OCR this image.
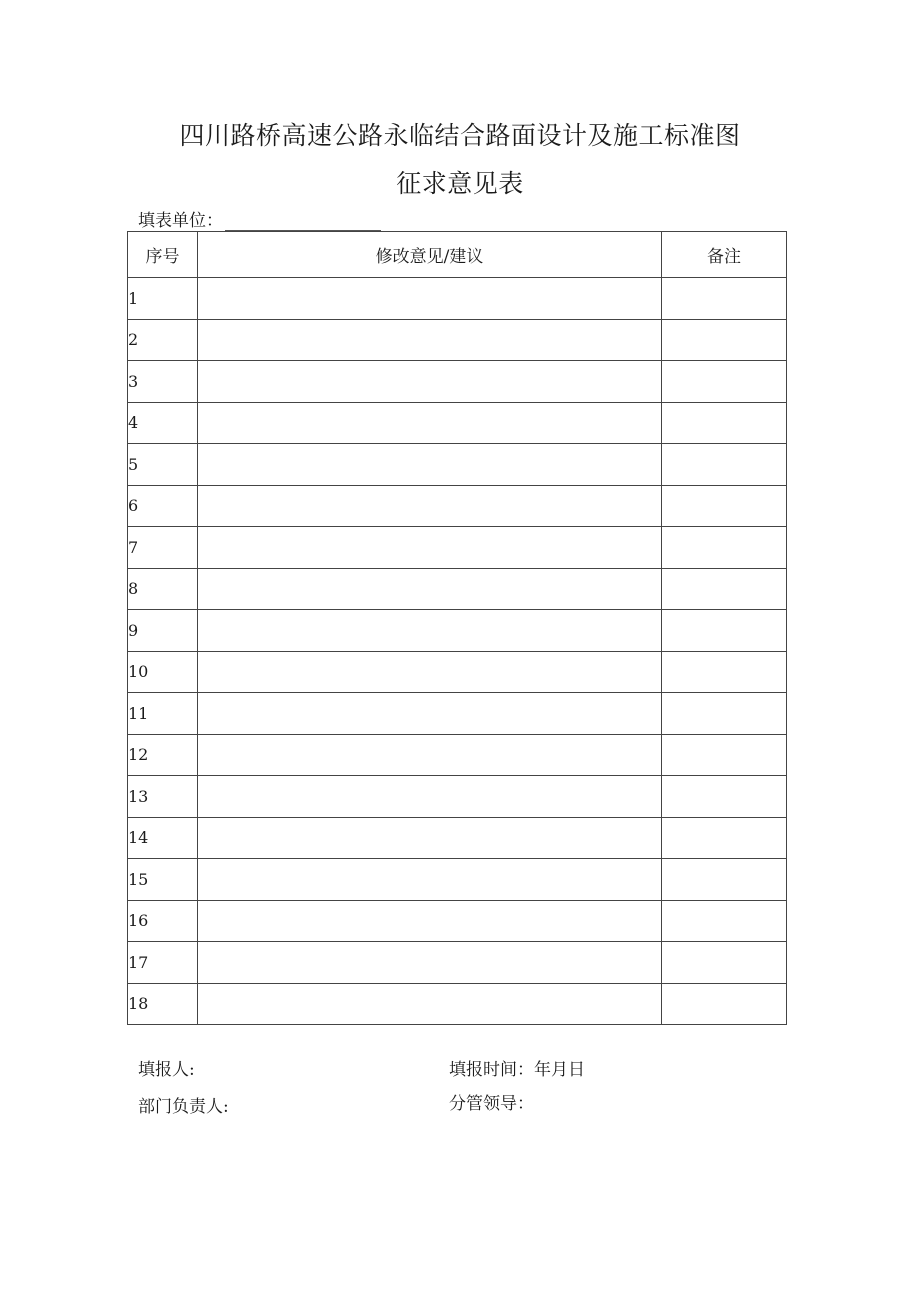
四川路桥高速公路永临结合路面设计及施工标准图
征求意见表
填表单位：
序号	修改意见/建议	备注
1		
2		
3		
4		
5		
6		
7		
8		
9		
10		
11		
12		
13		
14		
15		
16		
17		
18		
填报人:	填报时间：年月日
部门负责人:	分管领导：
